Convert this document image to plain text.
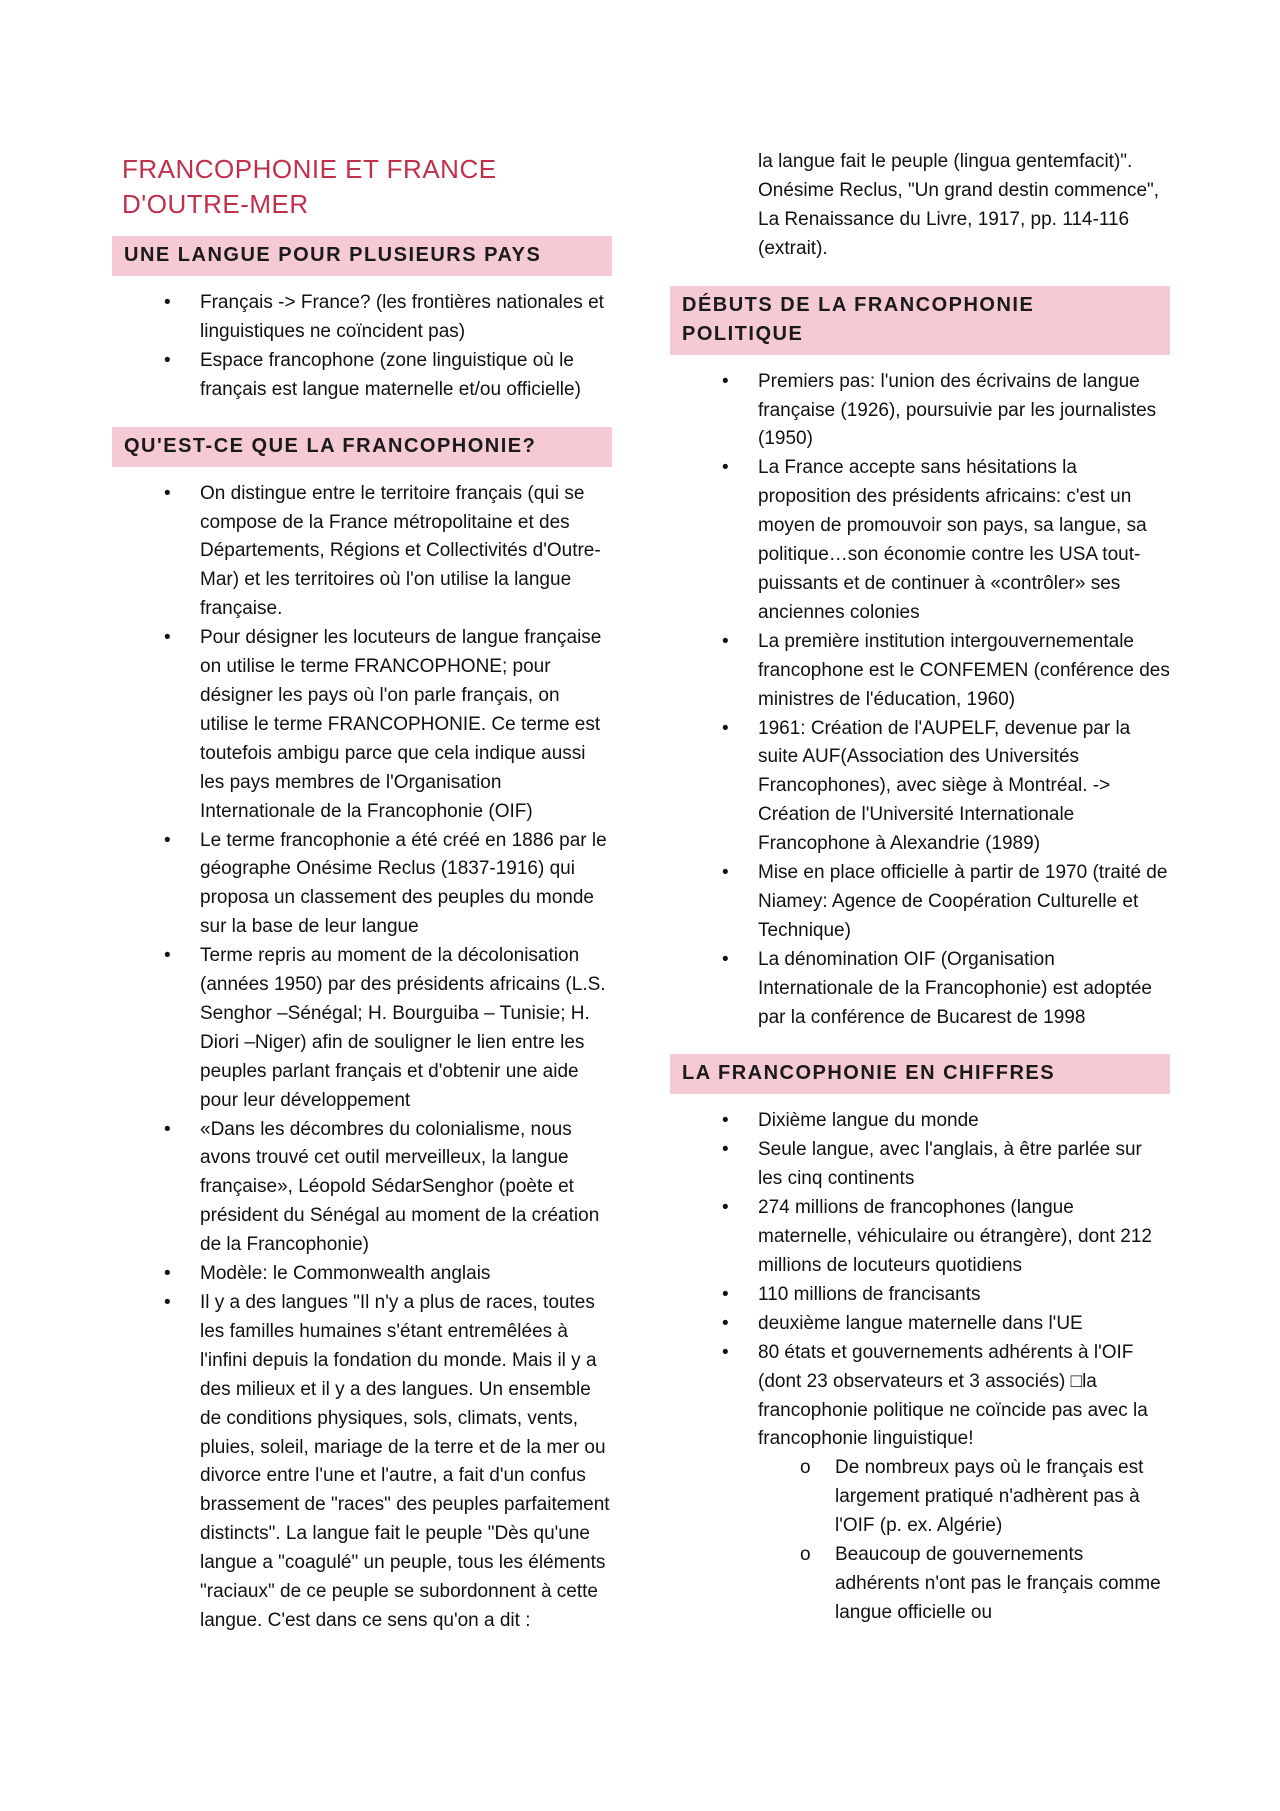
FRANCOPHONIE ET FRANCE
D'OUTRE-MER
UNE LANGUE POUR PLUSIEURS PAYS
• Français -> France? (les frontières nationales et linguistiques ne coïncident pas)
• Espace francophone (zone linguistique où le français est langue maternelle et/ou officielle)
QU'EST-CE QUE LA FRANCOPHONIE?
• On distingue entre le territoire français (qui se compose de la France métropolitaine et des Départements, Régions et Collectivités d'Outre-Mar) et les territoires où l'on utilise la langue française.
• Pour désigner les locuteurs de langue française on utilise le terme FRANCOPHONE; pour désigner les pays où l'on parle français, on utilise le terme FRANCOPHONIE. Ce terme est toutefois ambigu parce que cela indique aussi les pays membres de l'Organisation Internationale de la Francophonie (OIF)
• Le terme francophonie a été créé en 1886 par le géographe Onésime Reclus (1837-1916) qui proposa un classement des peuples du monde sur la base de leur langue
• Terme repris au moment de la décolonisation (années 1950) par des présidents africains (L.S. Senghor –Sénégal; H. Bourguiba – Tunisie; H. Diori –Niger) afin de souligner le lien entre les peuples parlant français et d'obtenir une aide pour leur développement
• «Dans les décombres du colonialisme, nous avons trouvé cet outil merveilleux, la langue française», Léopold SédarSenghor (poète et président du Sénégal au moment de la création de la Francophonie)
• Modèle: le Commonwealth anglais
• Il y a des langues "Il n'y a plus de races, toutes les familles humaines s'étant entremêlées à l'infini depuis la fondation du monde. Mais il y a des milieux et il y a des langues. Un ensemble de conditions physiques, sols, climats, vents, pluies, soleil, mariage de la terre et de la mer ou divorce entre l'une et l'autre, a fait d'un confus brassement de "races" des peuples parfaitement distincts". La langue fait le peuple "Dès qu'une langue a "coagulé" un peuple, tous les éléments "raciaux" de ce peuple se subordonnent à cette langue. C'est dans ce sens qu'on a dit :

la langue fait le peuple (lingua gentemfacit)". Onésime Reclus, "Un grand destin commence", La Renaissance du Livre, 1917, pp. 114-116 (extrait).

DÉBUTS DE LA FRANCOPHONIE POLITIQUE
• Premiers pas: l'union des écrivains de langue française (1926), poursuivie par les journalistes (1950)
• La France accepte sans hésitations la proposition des présidents africains: c'est un moyen de promouvoir son pays, sa langue, sa politique…son économie contre les USA tout-puissants et de continuer à «contrôler» ses anciennes colonies
• La première institution intergouvernementale francophone est le CONFEMEN (conférence des ministres de l'éducation, 1960)
• 1961: Création de l'AUPELF, devenue par la suite AUF(Association des Universités Francophones), avec siège à Montréal. -> Création de l'Université Internationale Francophone à Alexandrie (1989)
• Mise en place officielle à partir de 1970 (traité de Niamey: Agence de Coopération Culturelle et Technique)
• La dénomination OIF (Organisation Internationale de la Francophonie) est adoptée par la conférence de Bucarest de 1998
LA FRANCOPHONIE EN CHIFFRES
• Dixième langue du monde
• Seule langue, avec l'anglais, à être parlée sur les cinq continents
• 274 millions de francophones (langue maternelle, véhiculaire ou étrangère), dont 212 millions de locuteurs quotidiens
• 110 millions de francisants
• deuxième langue maternelle dans l'UE
• 80 états et gouvernements adhérents à l'OIF (dont 23 observateurs et 3 associés) □la francophonie politique ne coïncide pas avec la francophonie linguistique!
o De nombreux pays où le français est largement pratiqué n'adhèrent pas à l'OIF (p. ex. Algérie)
o Beaucoup de gouvernements adhérents n'ont pas le français comme langue officielle ou
